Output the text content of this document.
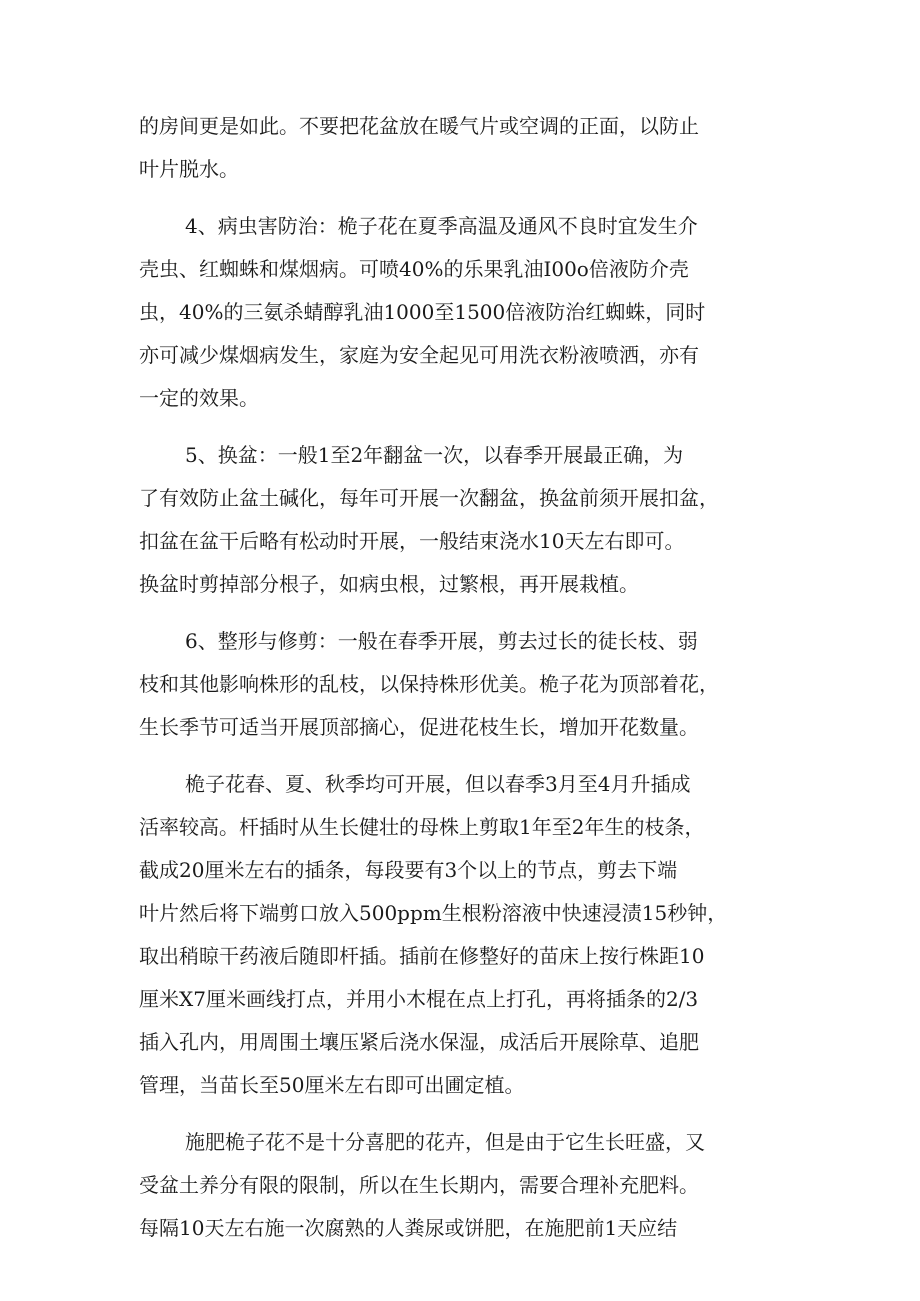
的房间更是如此。不要把花盆放在暖气片或空调的正面，以防止
叶片脱水。
4、病虫害防治：桅子花在夏季高温及通风不良时宜发生介
壳虫、红蜘蛛和煤烟病。可喷40%的乐果乳油I00o倍液防介壳
虫，40%的三氨杀蜻醇乳油1000至1500倍液防治红蜘蛛，同时
亦可减少煤烟病发生，家庭为安全起见可用洗衣粉液喷洒，亦有
一定的效果。
5、换盆：一般1至2年翻盆一次，以春季开展最正确，为
了有效防止盆土碱化，每年可开展一次翻盆，换盆前须开展扣盆，
扣盆在盆干后略有松动时开展，一般结束浇水10天左右即可。
换盆时剪掉部分根子，如病虫根，过繁根，再开展栽植。
6、整形与修剪：一般在春季开展，剪去过长的徒长枝、弱
枝和其他影响株形的乱枝，以保持株形优美。桅子花为顶部着花，
生长季节可适当开展顶部摘心，促进花枝生长，增加开花数量。
桅子花春、夏、秋季均可开展，但以春季3月至4月升插成
活率较高。杆插时从生长健壮的母株上剪取1年至2年生的枝条，
截成20厘米左右的插条，每段要有3个以上的节点，剪去下端
叶片然后将下端剪口放入500ppm生根粉溶液中快速浸渍15秒钟，
取出稍晾干药液后随即杆插。插前在修整好的苗床上按行株距10
厘米X7厘米画线打点，并用小木棍在点上打孔，再将插条的2/3
插入孔内，用周围土壤压紧后浇水保湿，成活后开展除草、追肥
管理，当苗长至50厘米左右即可出圃定植。
施肥桅子花不是十分喜肥的花卉，但是由于它生长旺盛，又
受盆土养分有限的限制，所以在生长期内，需要合理补充肥料。
每隔10天左右施一次腐熟的人粪尿或饼肥，在施肥前1天应结
